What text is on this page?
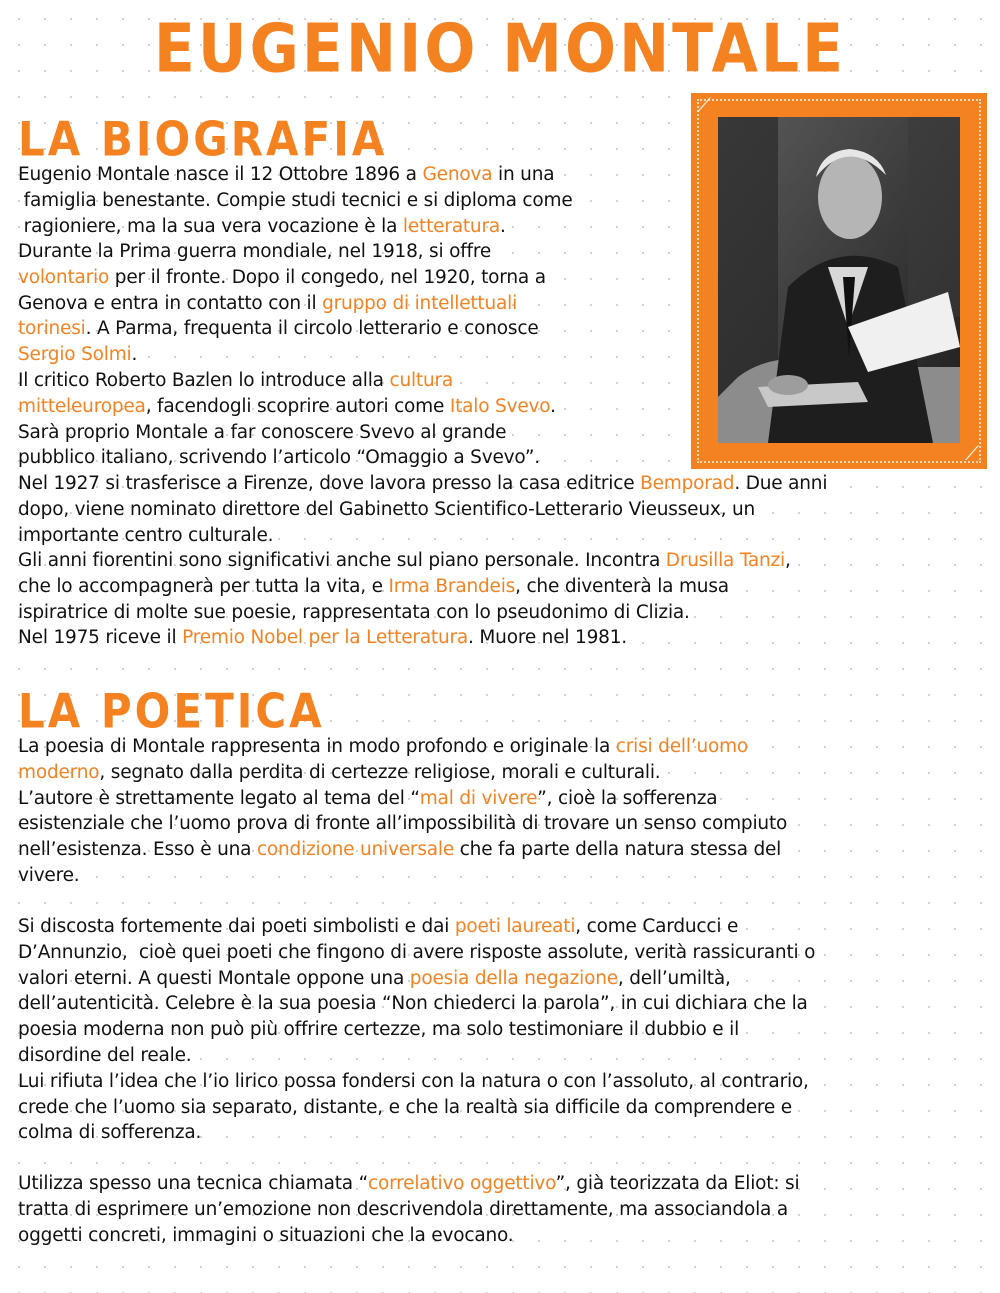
EUGENIO MONTALE
LA BIOGRAFIA
⟋
⟋
Eugenio Montale nasce il 12 Ottobre 1896 a Genova in una
famiglia benestante. Compie studi tecnici e si diploma come
ragioniere, ma la sua vera vocazione è la letteratura.
Durante la Prima guerra mondiale, nel 1918, si offre
volontario per il fronte. Dopo il congedo, nel 1920, torna a
Genova e entra in contatto con il gruppo di intellettuali
torinesi. A Parma, frequenta il circolo letterario e conosce
Sergio Solmi.
Il critico Roberto Bazlen lo introduce alla cultura
mitteleuropea, facendogli scoprire autori come Italo Svevo.
Sarà proprio Montale a far conoscere Svevo al grande
pubblico italiano, scrivendo l’articolo “Omaggio a Svevo”.
Nel 1927 si trasferisce a Firenze, dove lavora presso la casa editrice Bemporad. Due anni
dopo, viene nominato direttore del Gabinetto Scientifico-Letterario Vieusseux, un
importante centro culturale.
Gli anni fiorentini sono significativi anche sul piano personale. Incontra Drusilla Tanzi,
che lo accompagnerà per tutta la vita, e Irma Brandeis, che diventerà la musa
ispiratrice di molte sue poesie, rappresentata con lo pseudonimo di Clizia.
Nel 1975 riceve il Premio Nobel per la Letteratura. Muore nel 1981.
LA POETICA
La poesia di Montale rappresenta in modo profondo e originale la crisi dell’uomo
moderno, segnato dalla perdita di certezze religiose, morali e culturali.
L’autore è strettamente legato al tema del “mal di vivere”, cioè la sofferenza
esistenziale che l’uomo prova di fronte all’impossibilità di trovare un senso compiuto
nell’esistenza. Esso è una condizione universale che fa parte della natura stessa del
vivere.
Si discosta fortemente dai poeti simbolisti e dai poeti laureati, come Carducci e
D’Annunzio,  cioè quei poeti che fingono di avere risposte assolute, verità rassicuranti o
valori eterni. A questi Montale oppone una poesia della negazione, dell’umiltà,
dell’autenticità. Celebre è la sua poesia “Non chiederci la parola”, in cui dichiara che la
poesia moderna non può più offrire certezze, ma solo testimoniare il dubbio e il
disordine del reale.
Lui rifiuta l’idea che l’io lirico possa fondersi con la natura o con l’assoluto, al contrario,
crede che l’uomo sia separato, distante, e che la realtà sia difficile da comprendere e
colma di sofferenza.
Utilizza spesso una tecnica chiamata “correlativo oggettivo”, già teorizzata da Eliot: si
tratta di esprimere un’emozione non descrivendola direttamente, ma associandola a
oggetti concreti, immagini o situazioni che la evocano.
